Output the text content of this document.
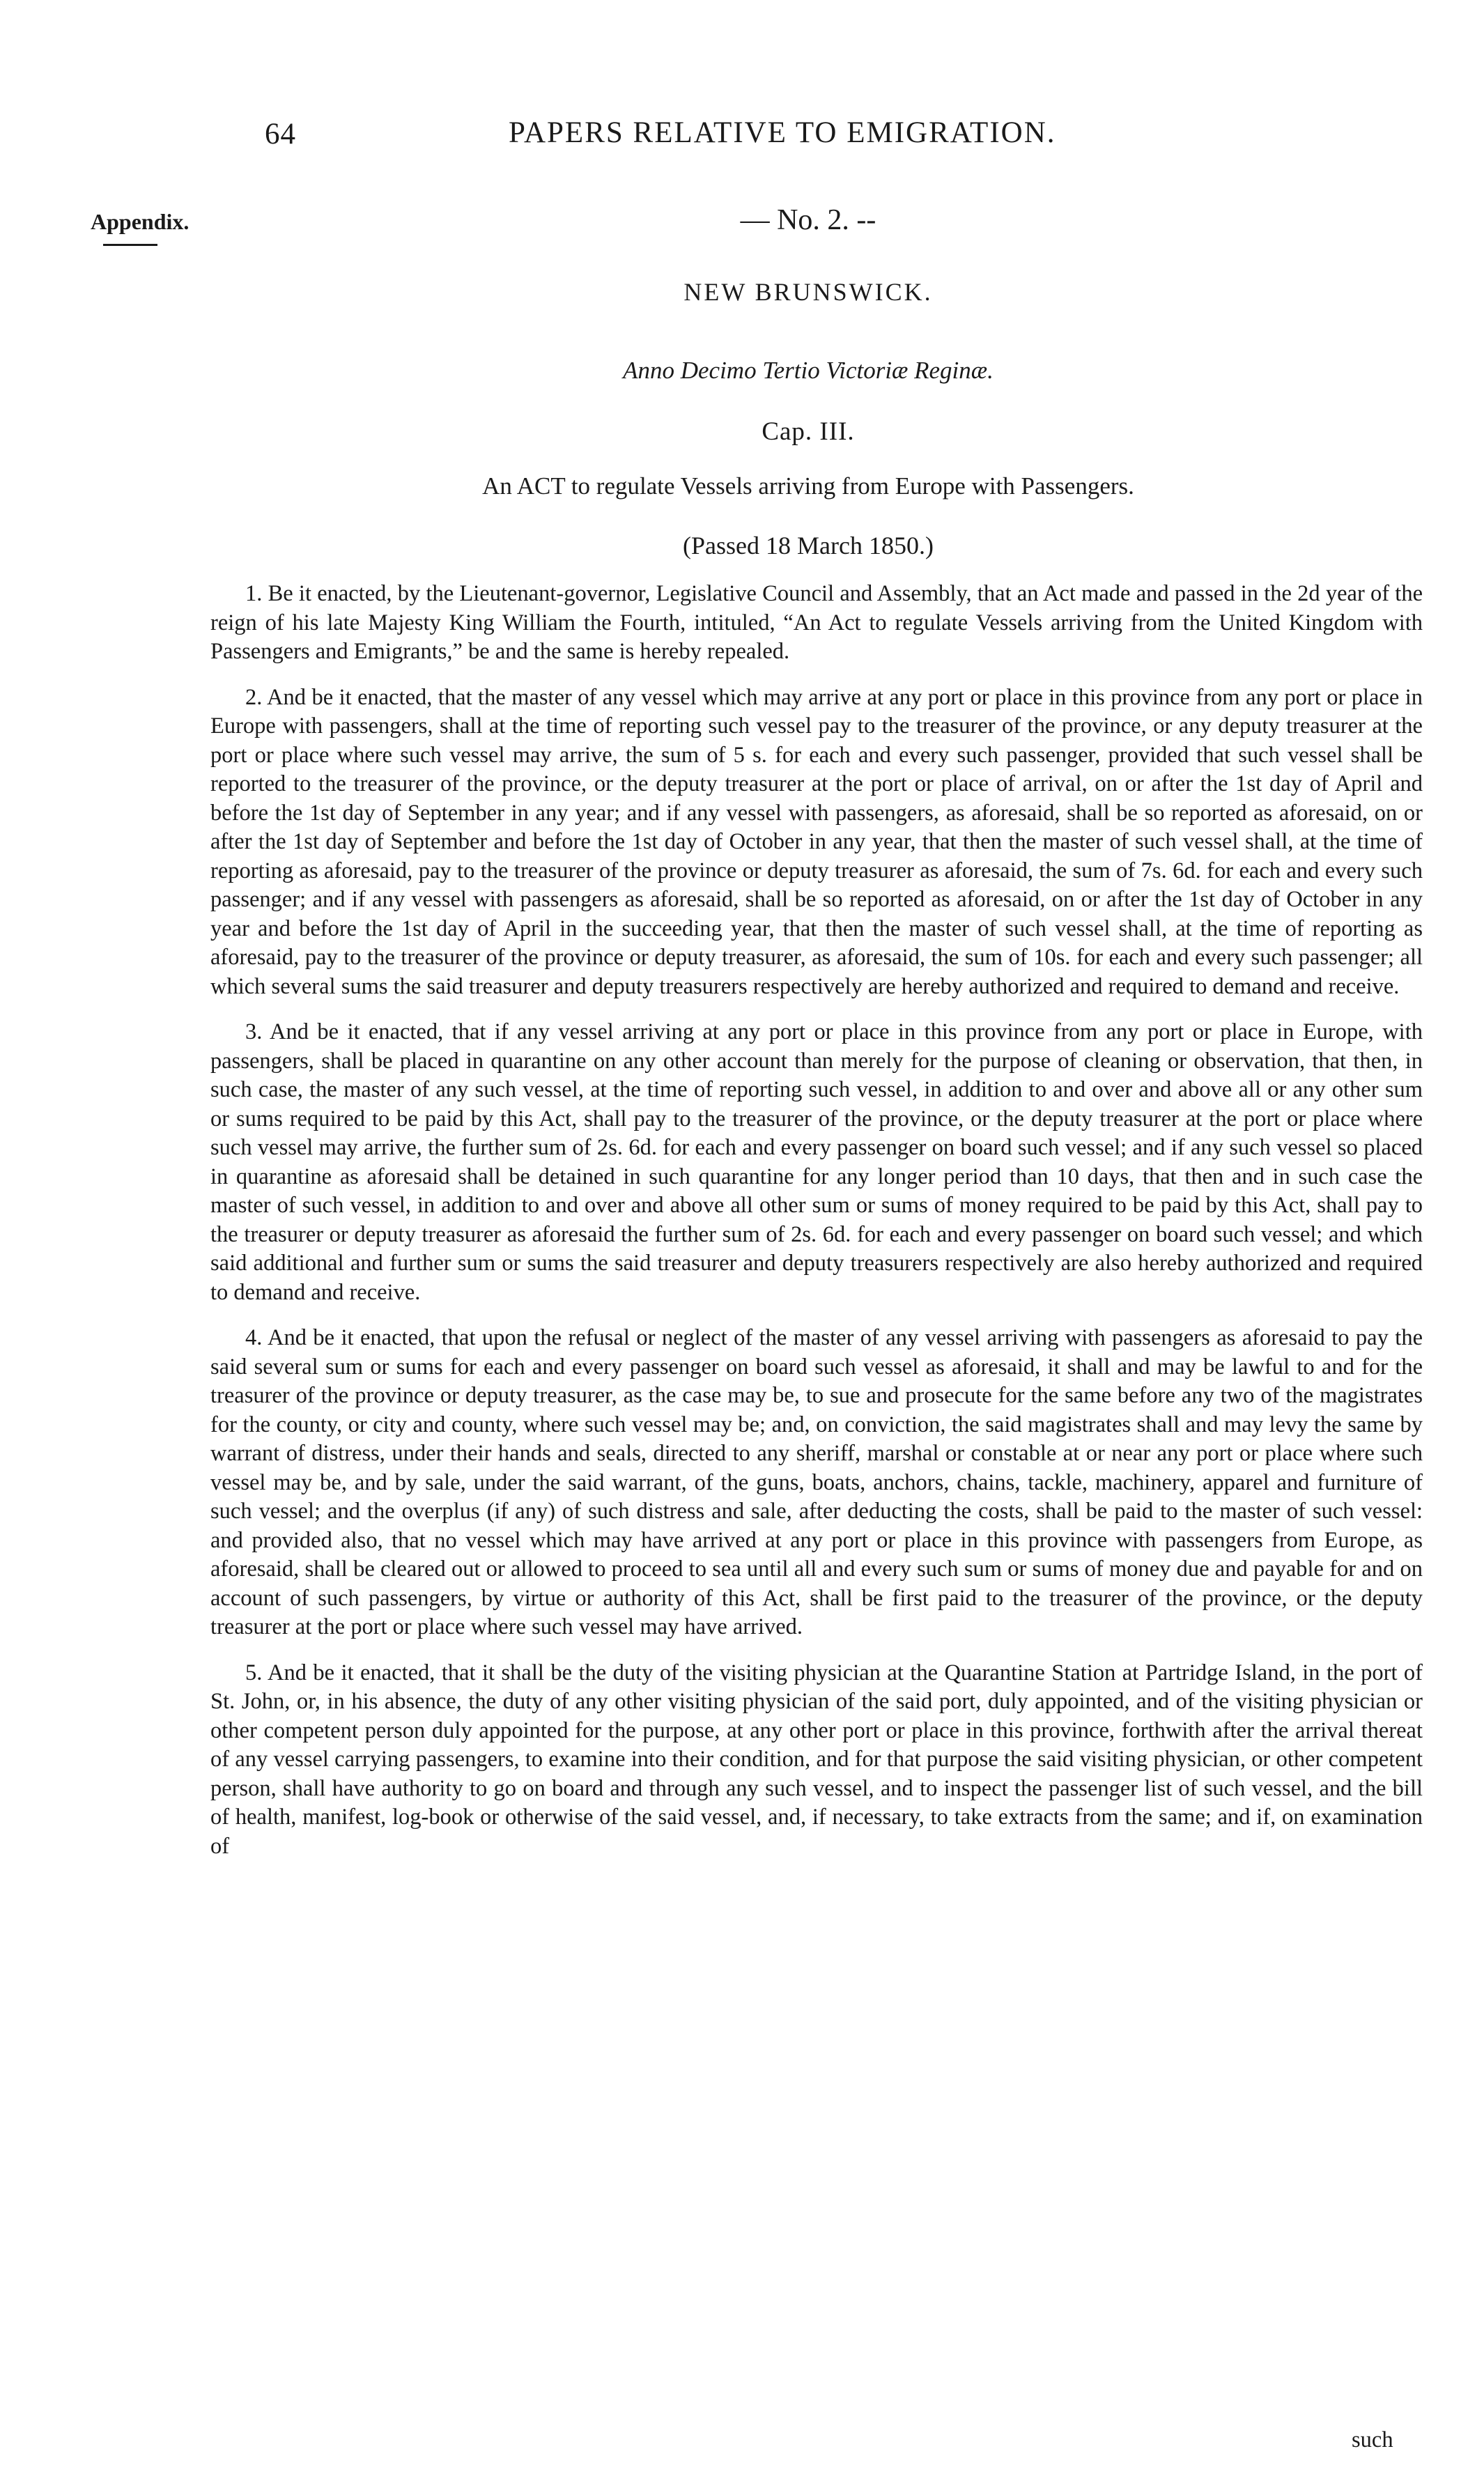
64	PAPERS RELATIVE TO EMIGRATION.
Appendix.	— No. 2. --
NEW BRUNSWICK.
Anno Decimo Tertio Victoriæ Reginæ.
Cap. III.
An ACT to regulate Vessels arriving from Europe with Passengers.
(Passed 18 March 1850.)

1. Be it enacted, by the Lieutenant-governor, Legislative Council and Assembly, that an Act made and passed in the 2d year of the reign of his late Majesty King William the Fourth, intituled, “An Act to regulate Vessels arriving from the United Kingdom with Passengers and Emigrants,” be and the same is hereby repealed.

2. And be it enacted, that the master of any vessel which may arrive at any port or place in this province from any port or place in Europe with passengers, shall at the time of reporting such vessel pay to the treasurer of the province, or any deputy treasurer at the port or place where such vessel may arrive, the sum of 5 s. for each and every such passenger, provided that such vessel shall be reported to the treasurer of the province, or the deputy treasurer at the port or place of arrival, on or after the 1st day of April and before the 1st day of September in any year; and if any vessel with passengers, as aforesaid, shall be so reported as aforesaid, on or after the 1st day of September and before the 1st day of October in any year, that then the master of such vessel shall, at the time of reporting as aforesaid, pay to the treasurer of the province or deputy treasurer as aforesaid, the sum of 7s. 6d. for each and every such passenger; and if any vessel with passengers as aforesaid, shall be so reported as aforesaid, on or after the 1st day of October in any year and before the 1st day of April in the succeeding year, that then the master of such vessel shall, at the time of reporting as aforesaid, pay to the treasurer of the province or deputy treasurer, as aforesaid, the sum of 10s. for each and every such passenger; all which several sums the said treasurer and deputy treasurers respectively are hereby authorized and required to demand and receive.

3. And be it enacted, that if any vessel arriving at any port or place in this province from any port or place in Europe, with passengers, shall be placed in quarantine on any other account than merely for the purpose of cleaning or observation, that then, in such case, the master of any such vessel, at the time of reporting such vessel, in addition to and over and above all or any other sum or sums required to be paid by this Act, shall pay to the treasurer of the province, or the deputy treasurer at the port or place where such vessel may arrive, the further sum of 2s. 6d. for each and every passenger on board such vessel; and if any such vessel so placed in quarantine as aforesaid shall be detained in such quarantine for any longer period than 10 days, that then and in such case the master of such vessel, in addition to and over and above all other sum or sums of money required to be paid by this Act, shall pay to the treasurer or deputy treasurer as aforesaid the further sum of 2s. 6d. for each and every passenger on board such vessel; and which said additional and further sum or sums the said treasurer and deputy treasurers respectively are also hereby authorized and required to demand and receive.

4. And be it enacted, that upon the refusal or neglect of the master of any vessel arriving with passengers as aforesaid to pay the said several sum or sums for each and every passenger on board such vessel as aforesaid, it shall and may be lawful to and for the treasurer of the province or deputy treasurer, as the case may be, to sue and prosecute for the same before any two of the magistrates for the county, or city and county, where such vessel may be; and, on conviction, the said magistrates shall and may levy the same by warrant of distress, under their hands and seals, directed to any sheriff, marshal or constable at or near any port or place where such vessel may be, and by sale, under the said warrant, of the guns, boats, anchors, chains, tackle, machinery, apparel and furniture of such vessel; and the overplus (if any) of such distress and sale, after deducting the costs, shall be paid to the master of such vessel: and provided also, that no vessel which may have arrived at any port or place in this province with passengers from Europe, as aforesaid, shall be cleared out or allowed to proceed to sea until all and every such sum or sums of money due and payable for and on account of such passengers, by virtue or authority of this Act, shall be first paid to the treasurer of the province, or the deputy treasurer at the port or place where such vessel may have arrived.

5. And be it enacted, that it shall be the duty of the visiting physician at the Quarantine Station at Partridge Island, in the port of St. John, or, in his absence, the duty of any other visiting physician of the said port, duly appointed, and of the visiting physician or other competent person duly appointed for the purpose, at any other port or place in this province, forthwith after the arrival thereat of any vessel carrying passengers, to examine into their condition, and for that purpose the said visiting physician, or other competent person, shall have authority to go on board and through any such vessel, and to inspect the passenger list of such vessel, and the bill of health, manifest, log-book or otherwise of the said vessel, and, if necessary, to take extracts from the same; and if, on examination of

such
